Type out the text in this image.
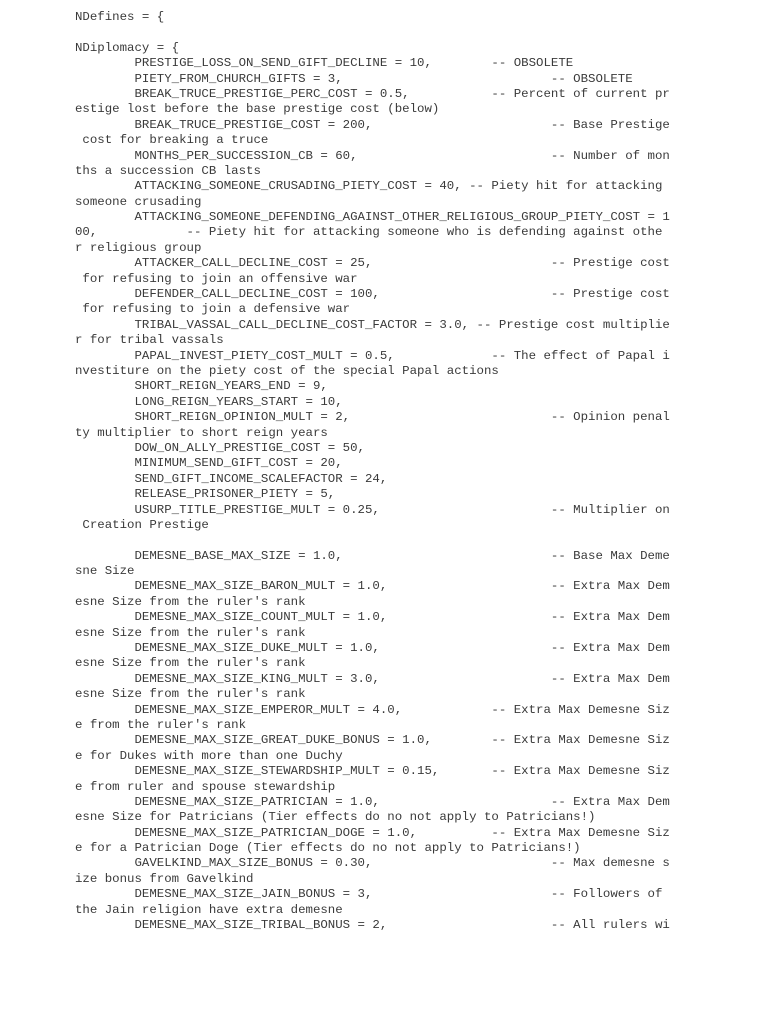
NDefines = {
NDiplomacy = {
PRESTIGE_LOSS_ON_SEND_GIFT_DECLINE = 10,        -- OBSOLETE
PIETY_FROM_CHURCH_GIFTS = 3,                            -- OBSOLETE
BREAK_TRUCE_PRESTIGE_PERC_COST = 0.5,           -- Percent of current pr
estige lost before the base prestige cost (below)
BREAK_TRUCE_PRESTIGE_COST = 200,                        -- Base Prestige
cost for breaking a truce
MONTHS_PER_SUCCESSION_CB = 60,                          -- Number of mon
ths a succession CB lasts
ATTACKING_SOMEONE_CRUSADING_PIETY_COST = 40, -- Piety hit for attacking
someone crusading
ATTACKING_SOMEONE_DEFENDING_AGAINST_OTHER_RELIGIOUS_GROUP_PIETY_COST = 1
00,            -- Piety hit for attacking someone who is defending against othe
r religious group
ATTACKER_CALL_DECLINE_COST = 25,                        -- Prestige cost
for refusing to join an offensive war
DEFENDER_CALL_DECLINE_COST = 100,                       -- Prestige cost
for refusing to join a defensive war
TRIBAL_VASSAL_CALL_DECLINE_COST_FACTOR = 3.0, -- Prestige cost multiplie
r for tribal vassals
PAPAL_INVEST_PIETY_COST_MULT = 0.5,             -- The effect of Papal i
nvestiture on the piety cost of the special Papal actions
SHORT_REIGN_YEARS_END = 9,
LONG_REIGN_YEARS_START = 10,
SHORT_REIGN_OPINION_MULT = 2,                           -- Opinion penal
ty multiplier to short reign years
DOW_ON_ALLY_PRESTIGE_COST = 50,
MINIMUM_SEND_GIFT_COST = 20,
SEND_GIFT_INCOME_SCALEFACTOR = 24,
RELEASE_PRISONER_PIETY = 5,
USURP_TITLE_PRESTIGE_MULT = 0.25,                       -- Multiplier on
Creation Prestige
DEMESNE_BASE_MAX_SIZE = 1.0,                            -- Base Max Deme
sne Size
DEMESNE_MAX_SIZE_BARON_MULT = 1.0,                      -- Extra Max Dem
esne Size from the ruler's rank
DEMESNE_MAX_SIZE_COUNT_MULT = 1.0,                      -- Extra Max Dem
esne Size from the ruler's rank
DEMESNE_MAX_SIZE_DUKE_MULT = 1.0,                       -- Extra Max Dem
esne Size from the ruler's rank
DEMESNE_MAX_SIZE_KING_MULT = 3.0,                       -- Extra Max Dem
esne Size from the ruler's rank
DEMESNE_MAX_SIZE_EMPEROR_MULT = 4.0,            -- Extra Max Demesne Siz
e from the ruler's rank
DEMESNE_MAX_SIZE_GREAT_DUKE_BONUS = 1.0,        -- Extra Max Demesne Siz
e for Dukes with more than one Duchy
DEMESNE_MAX_SIZE_STEWARDSHIP_MULT = 0.15,       -- Extra Max Demesne Siz
e from ruler and spouse stewardship
DEMESNE_MAX_SIZE_PATRICIAN = 1.0,                       -- Extra Max Dem
esne Size for Patricians (Tier effects do no not apply to Patricians!)
DEMESNE_MAX_SIZE_PATRICIAN_DOGE = 1.0,          -- Extra Max Demesne Siz
e for a Patrician Doge (Tier effects do no not apply to Patricians!)
GAVELKIND_MAX_SIZE_BONUS = 0.30,                        -- Max demesne s
ize bonus from Gavelkind
DEMESNE_MAX_SIZE_JAIN_BONUS = 3,                        -- Followers of
the Jain religion have extra demesne
DEMESNE_MAX_SIZE_TRIBAL_BONUS = 2,                      -- All rulers wi
